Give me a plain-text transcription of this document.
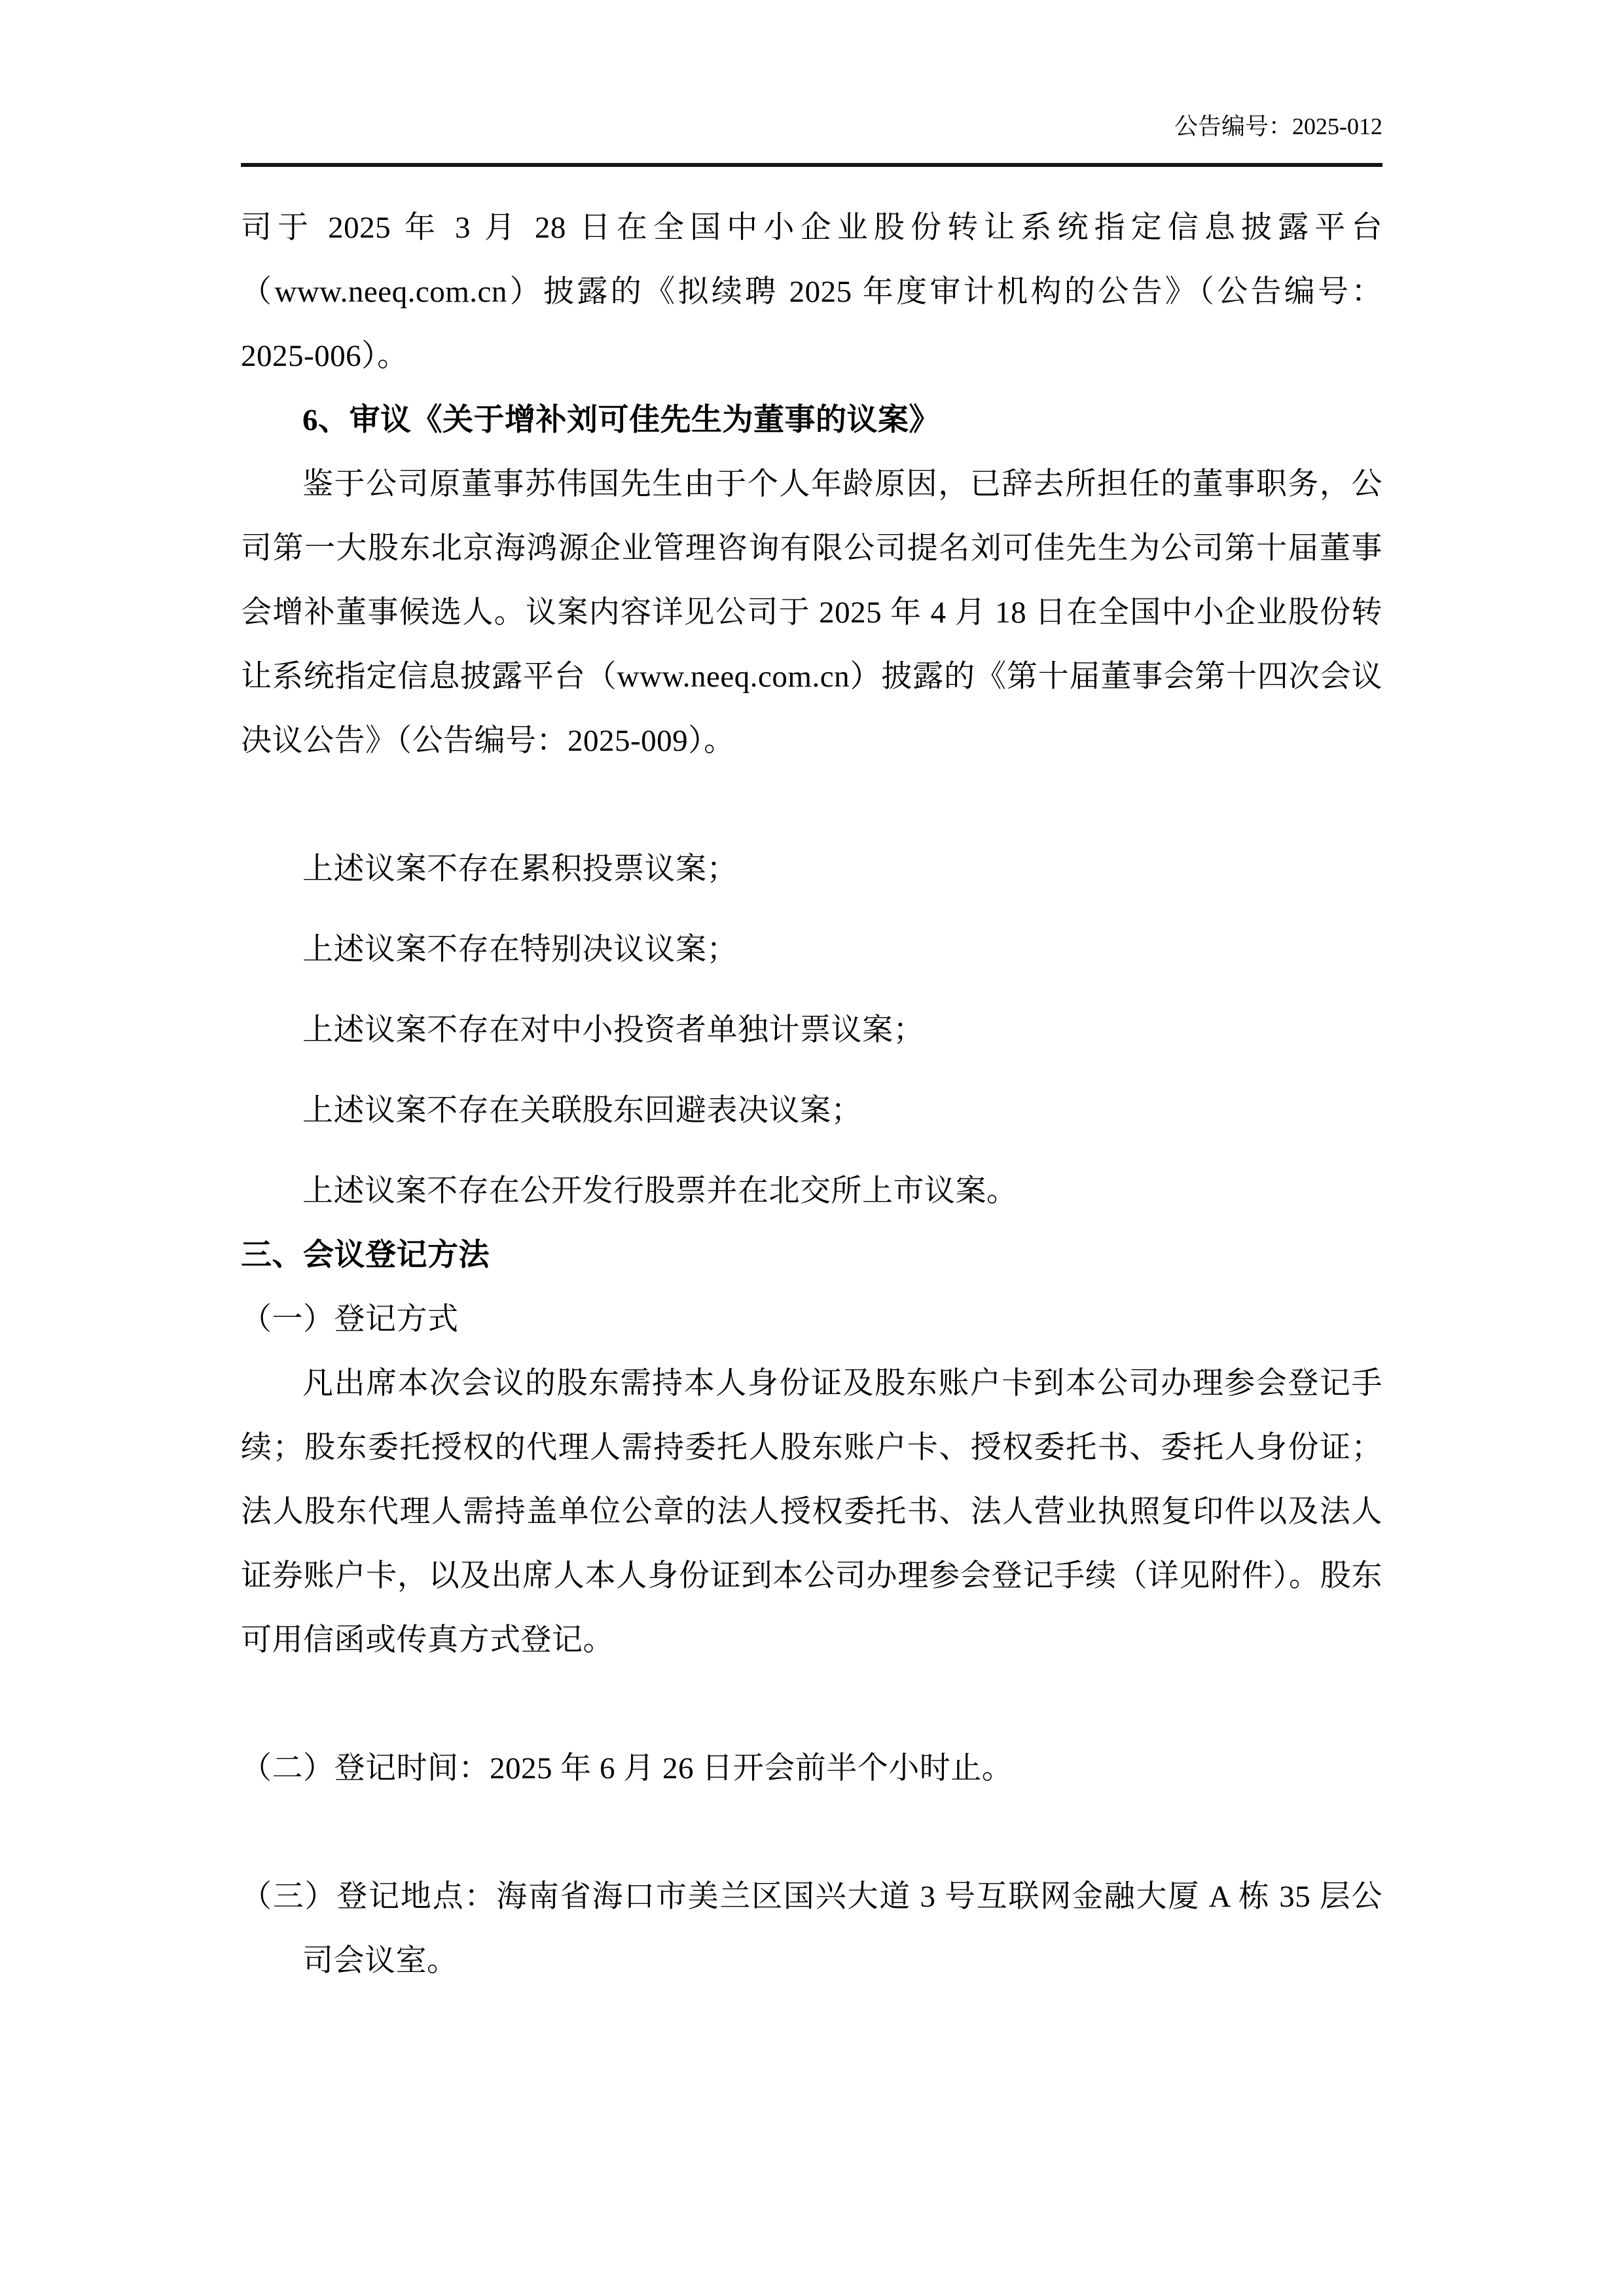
公告编号：2025-012

司于 2025 年 3 月 28 日在全国中小企业股份转让系统指定信息披露平台（www.neeq.com.cn）披露的《拟续聘 2025 年度审计机构的公告》（公告编号：2025-006）。

6、审议《关于增补刘可佳先生为董事的议案》

鉴于公司原董事苏伟国先生由于个人年龄原因，已辞去所担任的董事职务，公司第一大股东北京海鸿源企业管理咨询有限公司提名刘可佳先生为公司第十届董事会增补董事候选人。议案内容详见公司于 2025 年 4 月 18 日在全国中小企业股份转让系统指定信息披露平台（www.neeq.com.cn）披露的《第十届董事会第十四次会议决议公告》（公告编号：2025-009）。

上述议案不存在累积投票议案；

上述议案不存在特别决议议案；

上述议案不存在对中小投资者单独计票议案；

上述议案不存在关联股东回避表决议案；

上述议案不存在公开发行股票并在北交所上市议案。

三、会议登记方法

（一）登记方式

凡出席本次会议的股东需持本人身份证及股东账户卡到本公司办理参会登记手续；股东委托授权的代理人需持委托人股东账户卡、授权委托书、委托人身份证；法人股东代理人需持盖单位公章的法人授权委托书、法人营业执照复印件以及法人证券账户卡，以及出席人本人身份证到本公司办理参会登记手续（详见附件）。股东可用信函或传真方式登记。

（二）登记时间：2025 年 6 月 26 日开会前半个小时止。

（三）登记地点：海南省海口市美兰区国兴大道 3 号互联网金融大厦 A 栋 35 层公司会议室。
